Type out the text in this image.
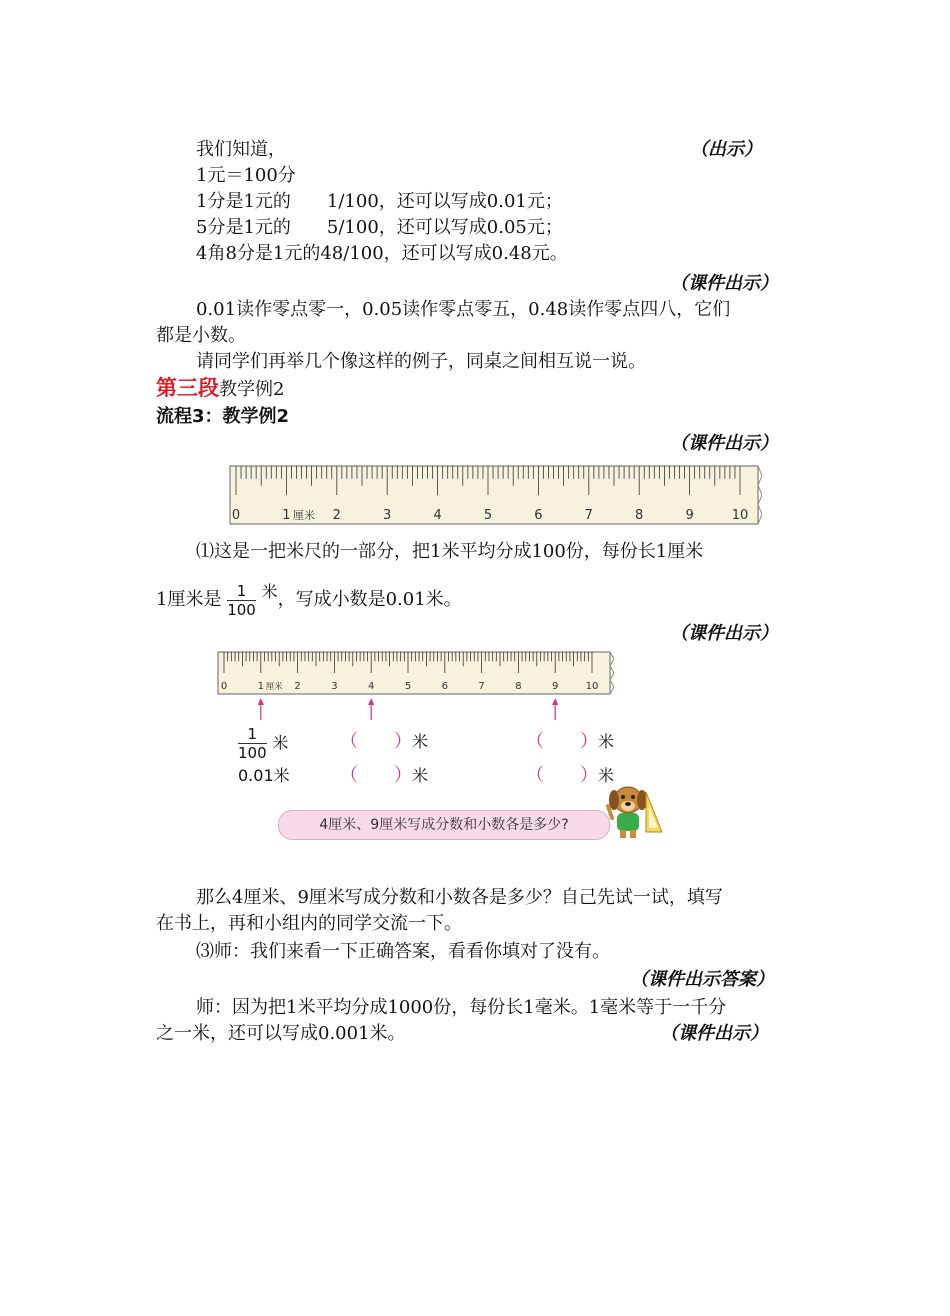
我们知道，	（出示）
1元＝100分
1分是1元的　　1/100，还可以写成0.01元；
5分是1元的　　5/100，还可以写成0.05元；
4角8分是1元的48/100，还可以写成0.48元。
（课件出示）
0.01读作零点零一，0.05读作零点零五，0.48读作零点四八，它们
都是小数。
请同学们再举几个像这样的例子，同桌之间相互说一说。
第三段教学例2
流程3：教学例2
（课件出示）
0	1 厘米 2	3	4	5	6	7	8	9	10
⑴这是一把米尺的一部分，把1米平均分成100份，每份长1厘米
1厘米是 $\frac{1}{100}$ 米，写成小数是0.01米。
（课件出示）
0	1 厘米 2	3	4	5	6	7	8	9	10
$\frac{1}{100}$ 米	（　　）米	（　　）米
0.01米	（　　）米	（　　）米
4厘米、9厘米写成分数和小数各是多少?
那么4厘米、9厘米写成分数和小数各是多少？自己先试一试，填写
在书上，再和小组内的同学交流一下。
⑶师：我们来看一下正确答案，看看你填对了没有。
（课件出示答案）
师：因为把1米平均分成1000份，每份长1毫米。1毫米等于一千分
之一米，还可以写成0.001米。	（课件出示）
